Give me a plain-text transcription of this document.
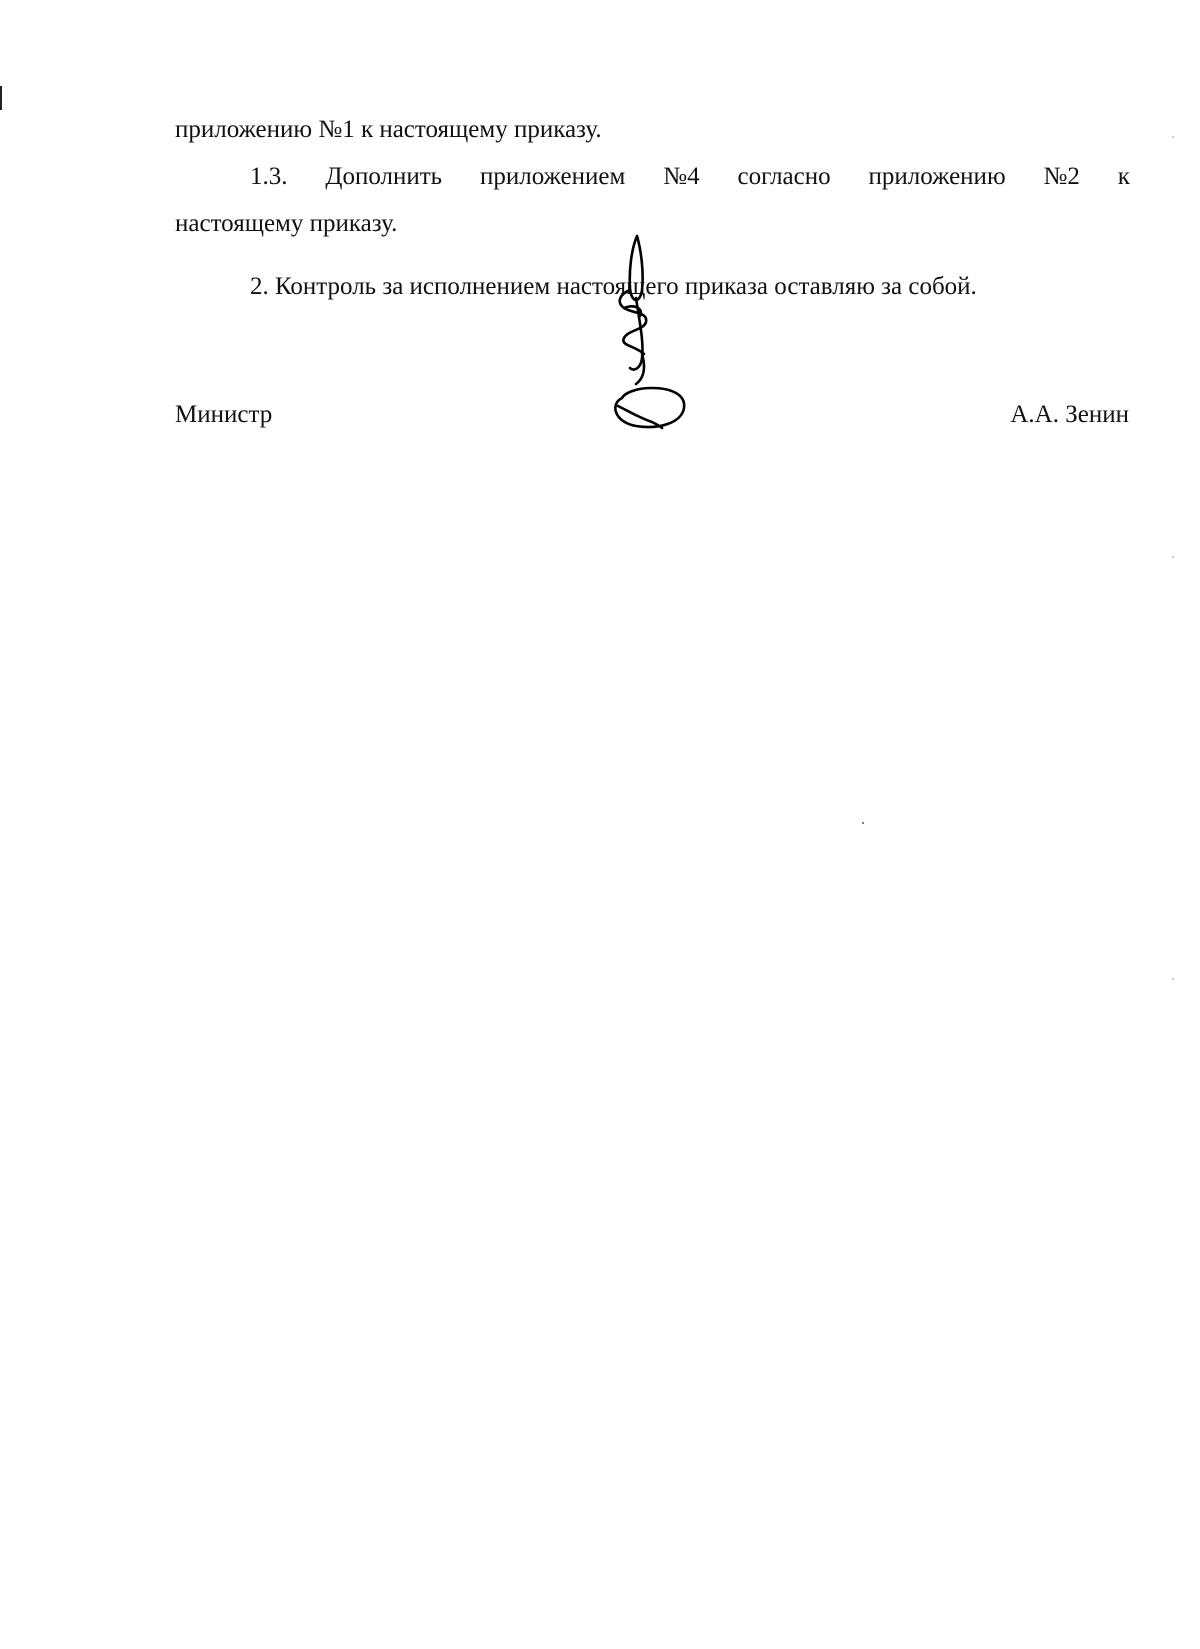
приложению №1 к настоящему приказу.
1.3. Дополнить приложением №4 согласно приложению №2 к
настоящему приказу.
2. Контроль за исполнением настоящего приказа оставляю за собой.
Министр	А.А. Зенин
